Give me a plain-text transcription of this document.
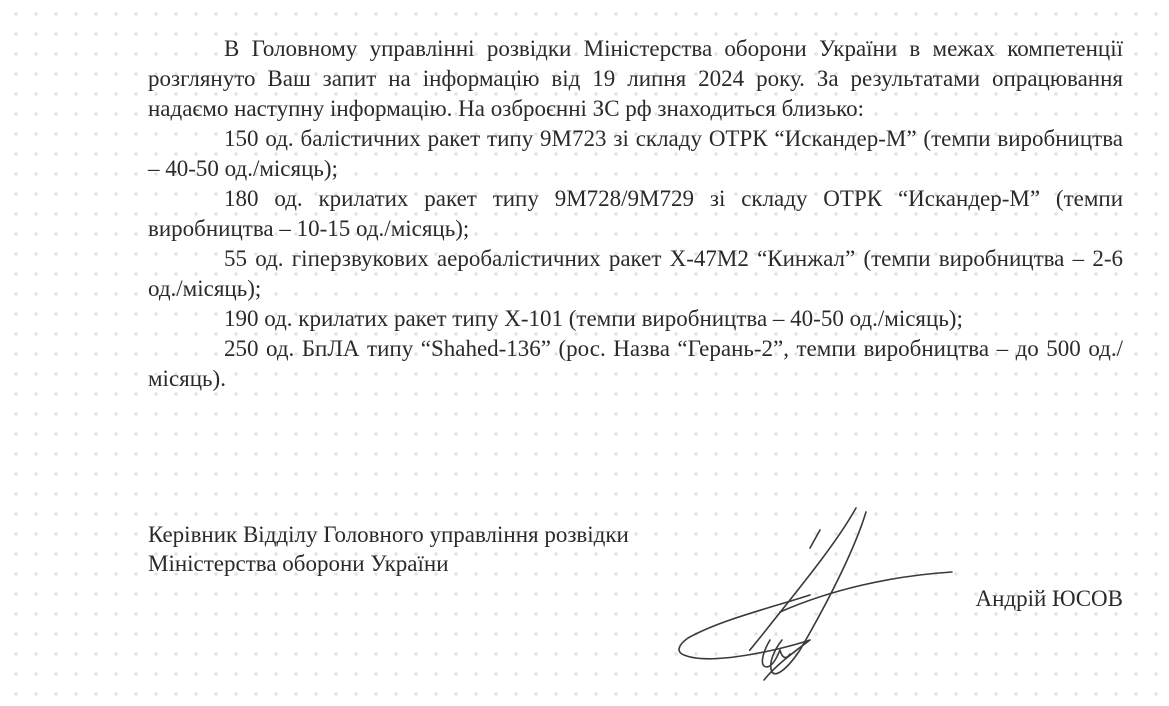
В Головному управлінні розвідки Міністерства оборони України в межах компетенції розглянуто Ваш запит на інформацію від 19 липня 2024 року. За результатами опрацювання надаємо наступну інформацію. На озброєнні ЗС рф знаходиться близько:

150 од. балістичних ракет типу 9М723 зі складу ОТРК “Искандер-М” (темпи виробництва – 40-50 од./місяць);

180 од. крилатих ракет типу 9М728/9М729 зі складу ОТРК “Искандер-М” (темпи виробництва – 10-15 од./місяць);

55 од. гіперзвукових аеробалістичних ракет Х-47М2 “Кинжал” (темпи виробництва – 2-6 од./місяць);

190 од. крилатих ракет типу Х-101 (темпи виробництва – 40-50 од./місяць);

250 од. БпЛА типу “Shahed-136” (рос. Назва “Герань-2”, темпи виробництва – до 500 од./місяць).

Керівник Відділу Головного управління розвідки
Міністерства оборони України
Андрій ЮСОВ
